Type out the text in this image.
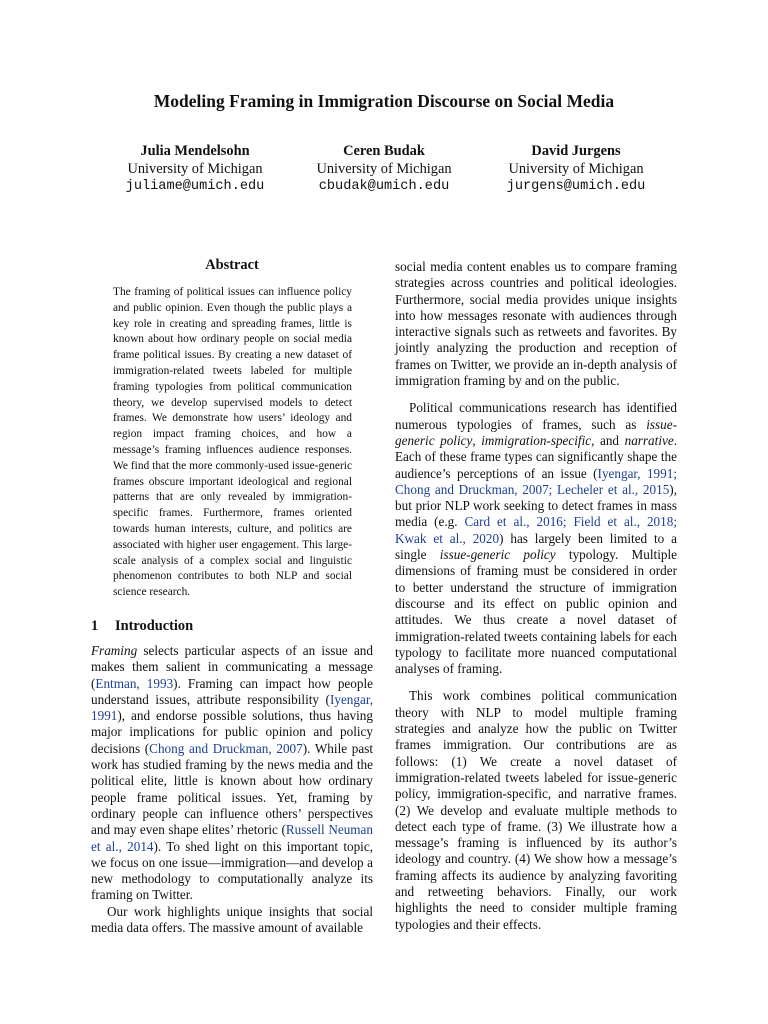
Modeling Framing in Immigration Discourse on Social Media
Julia Mendelsohn
University of Michigan
juliame@umich.edu
Ceren Budak
University of Michigan
cbudak@umich.edu
David Jurgens
University of Michigan
jurgens@umich.edu
Abstract
The framing of political issues can influence policy and public opinion. Even though the public plays a key role in creating and spreading frames, little is known about how ordinary people on social media frame political issues. By creating a new dataset of immigration-related tweets labeled for multiple framing typologies from political communication theory, we develop supervised models to detect frames. We demonstrate how users’ ideology and region impact framing choices, and how a message’s framing influences audience responses. We find that the more commonly-used issue-generic frames obscure important ideological and regional patterns that are only revealed by immigration-specific frames. Furthermore, frames oriented towards human interests, culture, and politics are associated with higher user engagement. This large-scale analysis of a complex social and linguistic phenomenon contributes to both NLP and social science research.
1 Introduction

Framing selects particular aspects of an issue and makes them salient in communicating a message (Entman, 1993). Framing can impact how people understand issues, attribute responsibility (Iyengar, 1991), and endorse possible solutions, thus having major implications for public opinion and policy decisions (Chong and Druckman, 2007). While past work has studied framing by the news media and the political elite, little is known about how ordinary people frame political issues. Yet, framing by ordinary people can influence others’ perspectives and may even shape elites’ rhetoric (Russell Neuman et al., 2014). To shed light on this important topic, we focus on one issue—immigration—and develop a new methodology to computationally analyze its framing on Twitter.

Our work highlights unique insights that social media data offers. The massive amount of available

social media content enables us to compare framing strategies across countries and political ideologies. Furthermore, social media provides unique insights into how messages resonate with audiences through interactive signals such as retweets and favorites. By jointly analyzing the production and reception of frames on Twitter, we provide an in-depth analysis of immigration framing by and on the public.

Political communications research has identified numerous typologies of frames, such as issue-generic policy, immigration-specific, and narrative. Each of these frame types can significantly shape the audience’s perceptions of an issue (Iyengar, 1991; Chong and Druckman, 2007; Lecheler et al., 2015), but prior NLP work seeking to detect frames in mass media (e.g. Card et al., 2016; Field et al., 2018; Kwak et al., 2020) has largely been limited to a single issue-generic policy typology. Multiple dimensions of framing must be considered in order to better understand the structure of immigration discourse and its effect on public opinion and attitudes. We thus create a novel dataset of immigration-related tweets containing labels for each typology to facilitate more nuanced computational analyses of framing.

This work combines political communication theory with NLP to model multiple framing strategies and analyze how the public on Twitter frames immigration. Our contributions are as follows: (1) We create a novel dataset of immigration-related tweets labeled for issue-generic policy, immigration-specific, and narrative frames. (2) We develop and evaluate multiple methods to detect each type of frame. (3) We illustrate how a message’s framing is influenced by its author’s ideology and country. (4) We show how a message’s framing affects its audience by analyzing favoriting and retweeting behaviors. Finally, our work highlights the need to consider multiple framing typologies and their effects.
